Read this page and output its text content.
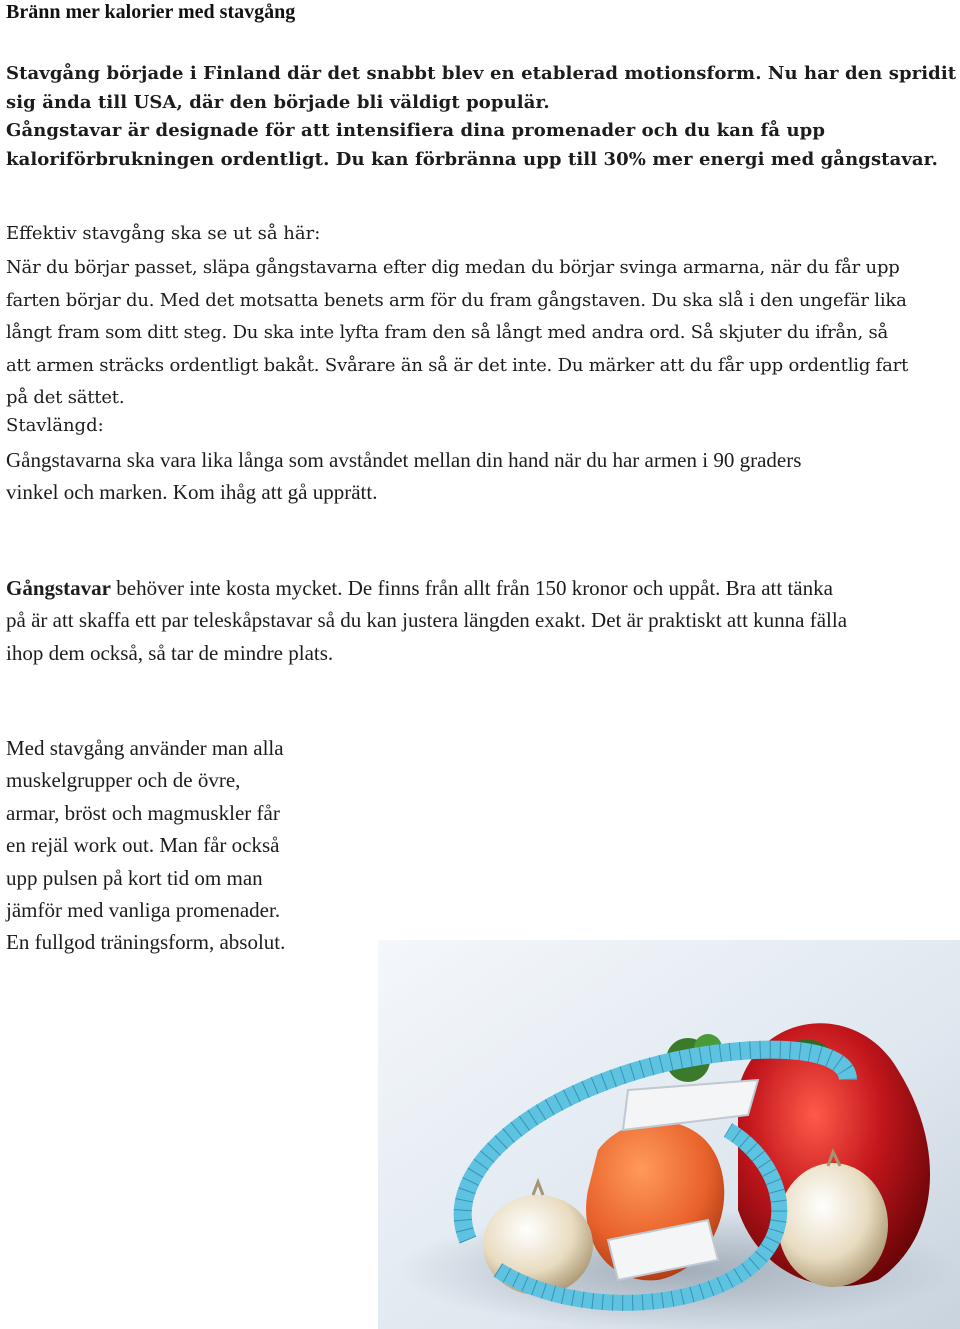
Bränn mer kalorier med stavgång
Stavgång började i Finland där det snabbt blev en etablerad motionsform. Nu har den spridit
sig ända till USA, där den började bli väldigt populär.
Gångstavar är designade för att intensifiera dina promenader och du kan få upp
kaloriförbrukningen ordentligt. Du kan förbränna upp till 30% mer energi med gångstavar.
Effektiv stavgång ska se ut så här:
När du börjar passet, släpa gångstavarna efter dig medan du börjar svinga armarna, när du får upp
farten börjar du. Med det motsatta benets arm för du fram gångstaven. Du ska slå i den ungefär lika
långt fram som ditt steg. Du ska inte lyfta fram den så långt med andra ord. Så skjuter du ifrån, så
att armen sträcks ordentligt bakåt. Svårare än så är det inte. Du märker att du får upp ordentlig fart
på det sättet.
Stavlängd:
Gångstavarna ska vara lika långa som avståndet mellan din hand när du har armen i 90 graders
vinkel och marken. Kom ihåg att gå upprätt.
Gångstavar behöver inte kosta mycket. De finns från allt från 150 kronor och uppåt. Bra att tänka
på är att skaffa ett par teleskåpstavar så du kan justera längden exakt. Det är praktiskt att kunna fälla
ihop dem också, så tar de mindre plats.
Med stavgång använder man alla
muskelgrupper och de övre,
armar, bröst och magmuskler får
en rejäl work out. Man får också
upp pulsen på kort tid om man
jämför med vanliga promenader.
En fullgod träningsform, absolut.
